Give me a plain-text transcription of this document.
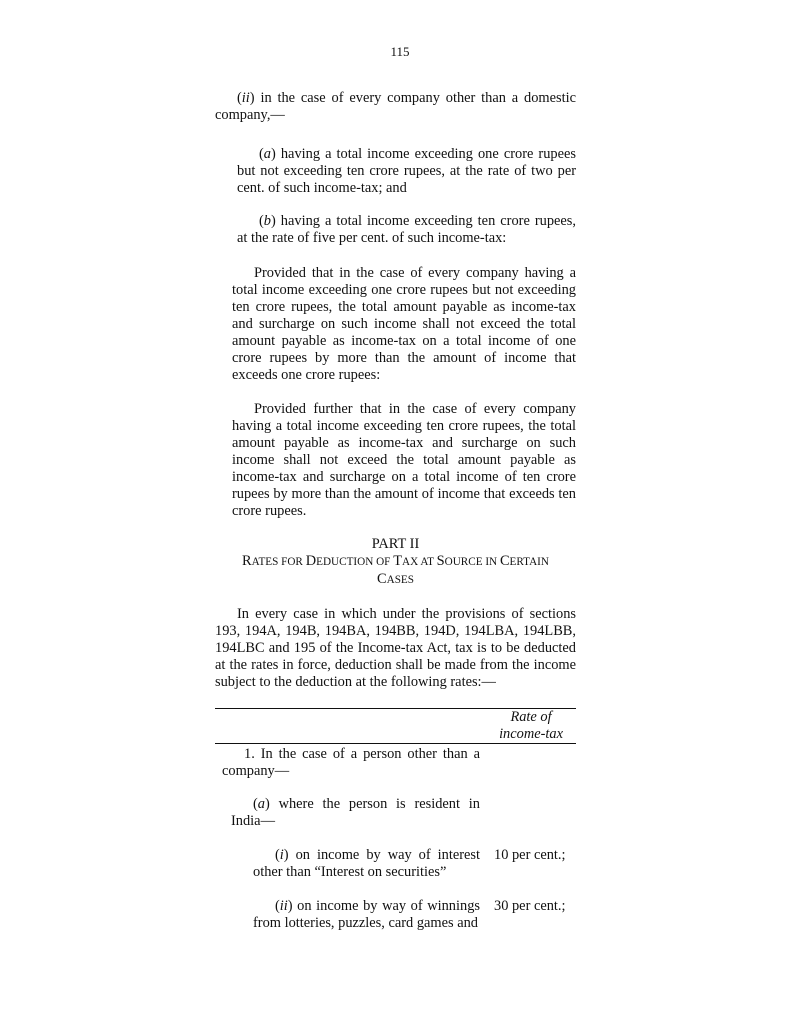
115

(ii) in the case of every company other than a domestic company,—

(a) having a total income exceeding one crore rupees but not exceeding ten crore rupees, at the rate of two per cent. of such income-tax; and

(b) having a total income exceeding ten crore rupees, at the rate of five per cent. of such income-tax:

Provided that in the case of every company having a total income exceeding one crore rupees but not exceeding ten crore rupees, the total amount payable as income-tax and surcharge on such income shall not exceed the total amount payable as income-tax on a total income of one crore rupees by more than the amount of income that exceeds one crore rupees:

Provided further that in the case of every company having a total income exceeding ten crore rupees, the total amount payable as income-tax and surcharge on such income shall not exceed the total amount payable as income-tax and surcharge on a total income of ten crore rupees by more than the amount of income that exceeds ten crore rupees.

PART II
RATES FOR DEDUCTION OF TAX AT SOURCE IN CERTAIN
CASES

In every case in which under the provisions of sections 193, 194A, 194B, 194BA, 194BB, 194D, 194LBA, 194LBB, 194LBC and 195 of the Income-tax Act, tax is to be deducted at the rates in force, deduction shall be made from the income subject to the deduction at the following rates:—

Rate of
income-tax
1. In the case of a person other than a company—
(a) where the person is resident in India—
(i) on income by way of interest other than “Interest on securities”
10 per cent.;
(ii) on income by way of winnings from lotteries, puzzles, card games and
30 per cent.;
